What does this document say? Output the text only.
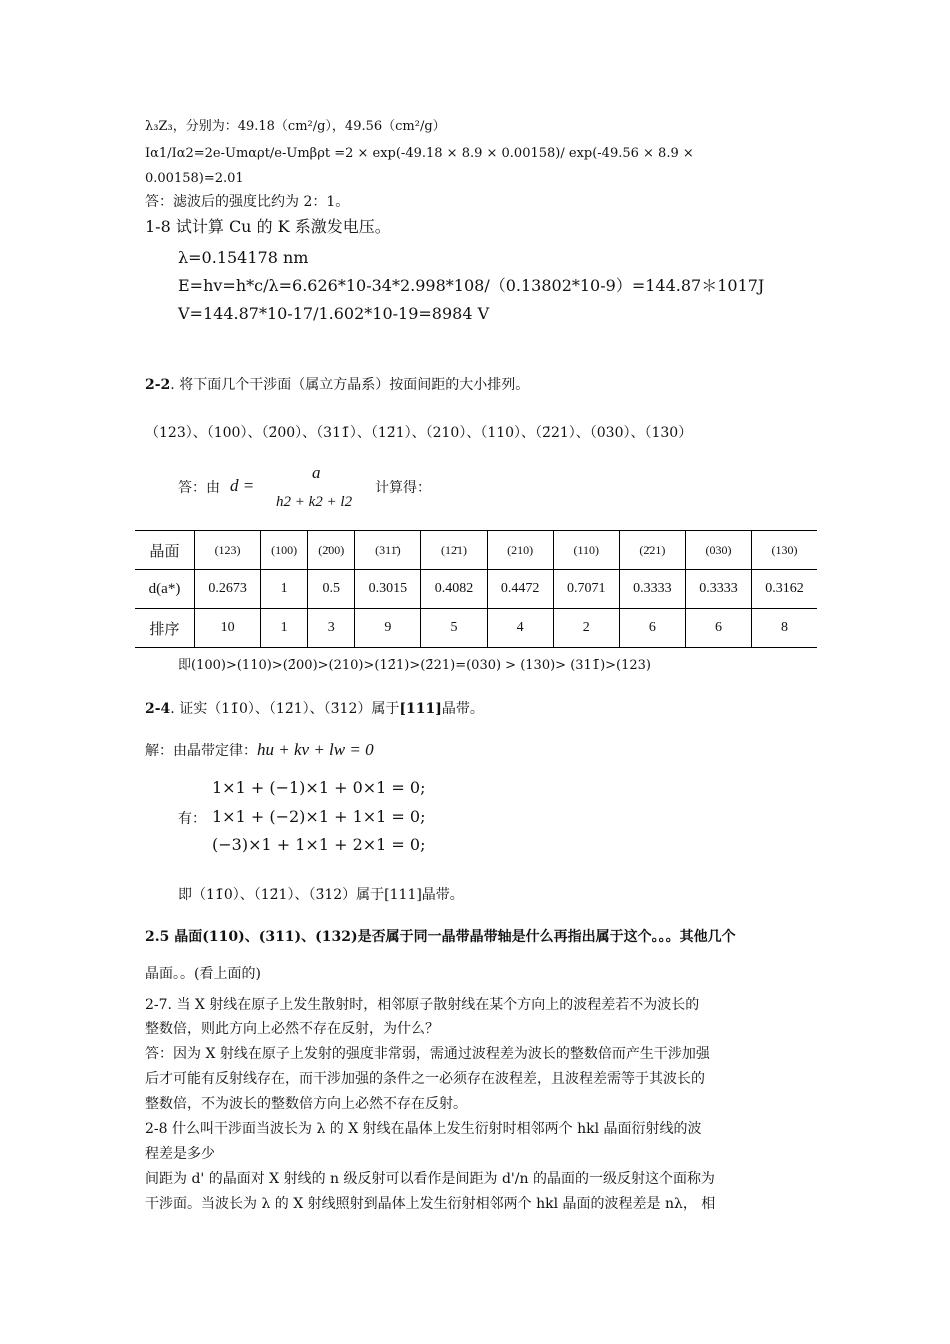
λ₃Z₃，分别为：49.18（cm²/g），49.56（cm²/g）
Iα1/Iα2=2e-Umαρt/e-Umβρt =2 × exp(-49.18 × 8.9 × 0.00158)/ exp(-49.56 × 8.9 ×
0.00158)=2.01
答：滤波后的强度比约为 2：1。
1-8 试计算 Cu 的 K 系激发电压。
λ=0.154178 nm
E=hv=h*c/λ=6.626*10-34*2.998*108/（0.13802*10-9）=144.87＊1017J
V=144.87*10-17/1.602*10-19=8984 V
2-2. 将下面几个干涉面（属立方晶系）按面间距的大小排列。
（123）、（100）、（2̄00）、（311̄）、（12̄1）、（210）、（110）、（2̄21）、（030）、（130）
答：由 d =
a
h2 + k2 + l2
计算得：
晶面	(123)	(100)	(2̄00)	(311̄)	(12̄1)	(210)	(110)	(2̄21)	(030)	(130)
d(a*)	0.2673	1	0.5	0.3015	0.4082	0.4472	0.7071	0.3333	0.3333	0.3162
排序	10	1	3	9	5	4	2	6	6	8
即(100)>(110)>(2̄00)>(210)>(12̄1)>(2̄21)=(030) > (130)> (311̄)>(123)
2-4. 证实（11̄0）、（12̄1）、（3̄12）属于[111]晶带。
解：由晶带定律：hu + kv + lw = 0
1×1 + (−1)×1 + 0×1 = 0;
有： 1×1 + (−2)×1 + 1×1 = 0;
(−3)×1 + 1×1 + 2×1 = 0;
即（11̄0）、（12̄1）、（3̄12）属于[111]晶带。
2.5 晶面(110)、(311)、(132)是否属于同一晶带晶带轴是什么再指出属于这个。。。其他几个
晶面。。(看上面的)
2-7. 当 X 射线在原子上发生散射时，相邻原子散射线在某个方向上的波程差若不为波长的
整数倍，则此方向上必然不存在反射，为什么？
答：因为 X 射线在原子上发射的强度非常弱，需通过波程差为波长的整数倍而产生干涉加强
后才可能有反射线存在，而干涉加强的条件之一必须存在波程差，且波程差需等于其波长的
整数倍，不为波长的整数倍方向上必然不存在反射。
2-8 什么叫干涉面当波长为 λ 的 X 射线在晶体上发生衍射时相邻两个 hkl 晶面衍射线的波
程差是多少
间距为 d' 的晶面对 X 射线的 n 级反射可以看作是间距为 d'/n 的晶面的一级反射这个面称为
干涉面。当波长为 λ 的 X 射线照射到晶体上发生衍射相邻两个 hkl 晶面的波程差是 nλ， 相
